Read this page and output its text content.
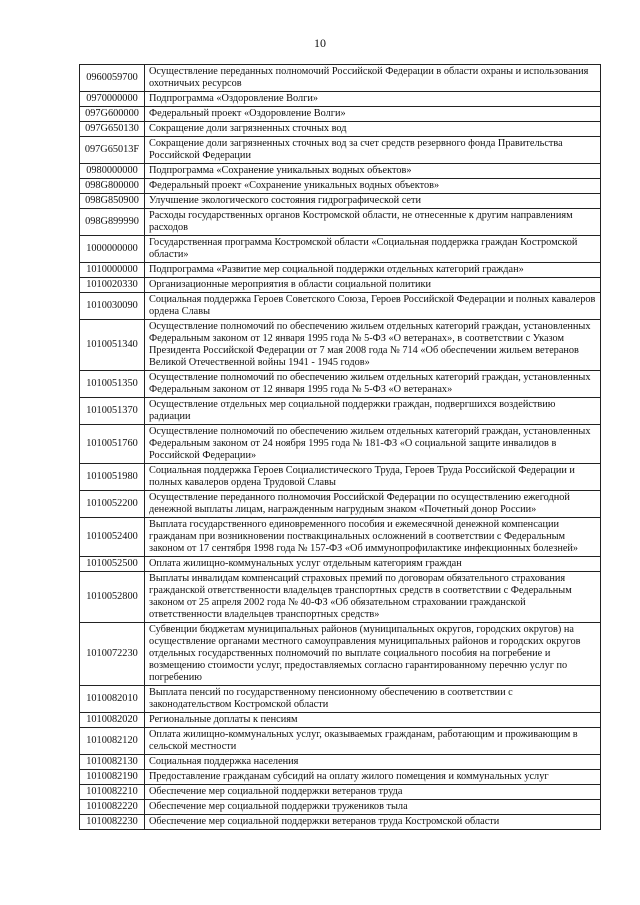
10
0960059700	Осуществление переданных полномочий Российской Федерации в области охраны и использования охотничьих ресурсов
0970000000	Подпрограмма «Оздоровление Волги»
097G600000	Федеральный проект «Оздоровление Волги»
097G650130	Сокращение доли загрязненных сточных вод
097G65013F	Сокращение доли загрязненных сточных вод за счет средств резервного фонда Правительства Российской Федерации
0980000000	Подпрограмма «Сохранение уникальных водных объектов»
098G800000	Федеральный проект «Сохранение уникальных водных объектов»
098G850900	Улучшение экологического состояния гидрографической сети
098G899990	Расходы государственных органов Костромской области, не отнесенные к другим направлениям расходов
1000000000	Государственная программа Костромской области «Социальная поддержка граждан Костромской области»
1010000000	Подпрограмма «Развитие мер социальной поддержки отдельных категорий граждан»
1010020330	Организационные мероприятия в области социальной политики
1010030090	Социальная поддержка Героев Советского Союза, Героев Российской Федерации и полных кавалеров ордена Славы
1010051340	Осуществление полномочий по обеспечению жильем отдельных категорий граждан, установленных Федеральным законом от 12 января 1995 года № 5-ФЗ «О ветеранах», в соответствии с Указом Президента Российской Федерации от 7 мая 2008 года № 714 «Об обеспечении жильем ветеранов Великой Отечественной войны 1941 - 1945 годов»
1010051350	Осуществление полномочий по обеспечению жильем отдельных категорий граждан, установленных Федеральным законом от 12 января 1995 года № 5-ФЗ «О ветеранах»
1010051370	Осуществление отдельных мер социальной поддержки граждан, подвергшихся воздействию радиации
1010051760	Осуществление полномочий по обеспечению жильем отдельных категорий граждан, установленных Федеральным законом от 24 ноября 1995 года № 181-ФЗ «О социальной защите инвалидов в Российской Федерации»
1010051980	Социальная поддержка Героев Социалистического Труда, Героев Труда Российской Федерации и полных кавалеров ордена Трудовой Славы
1010052200	Осуществление переданного полномочия Российской Федерации по осуществлению ежегодной денежной выплаты лицам, награжденным нагрудным знаком «Почетный донор России»
1010052400	Выплата государственного единовременного пособия и ежемесячной денежной компенсации гражданам при возникновении поствакцинальных осложнений в соответствии с Федеральным законом от 17 сентября 1998 года № 157-ФЗ «Об иммунопрофилактике инфекционных болезней»
1010052500	Оплата жилищно-коммунальных услуг отдельным категориям граждан
1010052800	Выплаты инвалидам компенсаций страховых премий по договорам обязательного страхования гражданской ответственности владельцев транспортных средств в соответствии с Федеральным законом от 25 апреля 2002 года № 40-ФЗ «Об обязательном страховании гражданской ответственности владельцев транспортных средств»
1010072230	Субвенции бюджетам муниципальных районов (муниципальных округов, городских округов) на осуществление органами местного самоуправления муниципальных районов и городских округов отдельных государственных полномочий по выплате социального пособия на погребение и возмещению стоимости услуг, предоставляемых согласно гарантированному перечню услуг по погребению
1010082010	Выплата пенсий по государственному пенсионному обеспечению в соответствии с законодательством Костромской области
1010082020	Региональные доплаты к пенсиям
1010082120	Оплата жилищно-коммунальных услуг, оказываемых гражданам, работающим и проживающим в сельской местности
1010082130	Социальная поддержка населения
1010082190	Предоставление гражданам субсидий на оплату жилого помещения и коммунальных услуг
1010082210	Обеспечение мер социальной поддержки ветеранов труда
1010082220	Обеспечение мер социальной поддержки тружеников тыла
1010082230	Обеспечение мер социальной поддержки ветеранов труда Костромской области
